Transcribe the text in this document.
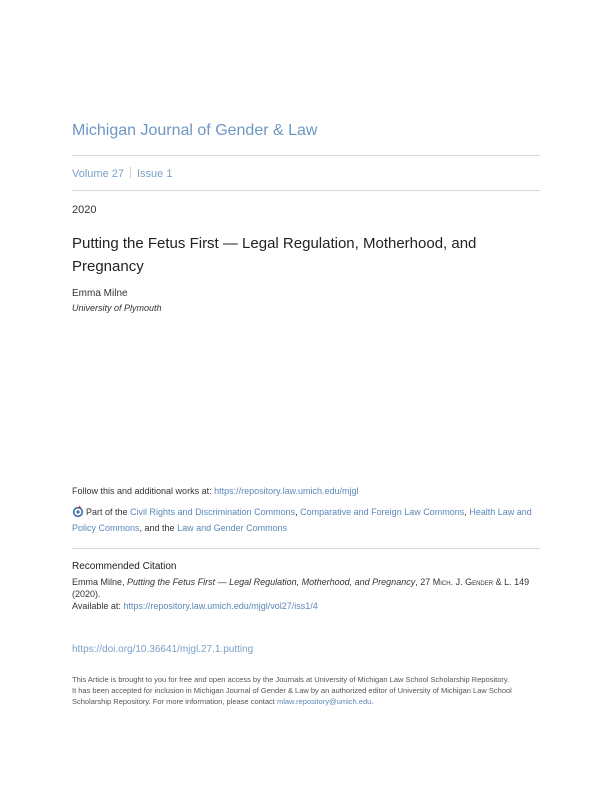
Michigan Journal of Gender & Law
Volume 27 Issue 1
2020
Putting the Fetus First — Legal Regulation, Motherhood, and Pregnancy
Emma Milne
University of Plymouth
Follow this and additional works at: https://repository.law.umich.edu/mjgl
Part of the Civil Rights and Discrimination Commons, Comparative and Foreign Law Commons, Health Law and Policy Commons, and the Law and Gender Commons
Recommended Citation
Emma Milne, Putting the Fetus First — Legal Regulation, Motherhood, and Pregnancy, 27 Mich. J. Gender & L. 149 (2020).
Available at: https://repository.law.umich.edu/mjgl/vol27/iss1/4
https://doi.org/10.36641/mjgl.27.1.putting
This Article is brought to you for free and open access by the Journals at University of Michigan Law School Scholarship Repository. It has been accepted for inclusion in Michigan Journal of Gender & Law by an authorized editor of University of Michigan Law School Scholarship Repository. For more information, please contact mlaw.repository@umich.edu.
